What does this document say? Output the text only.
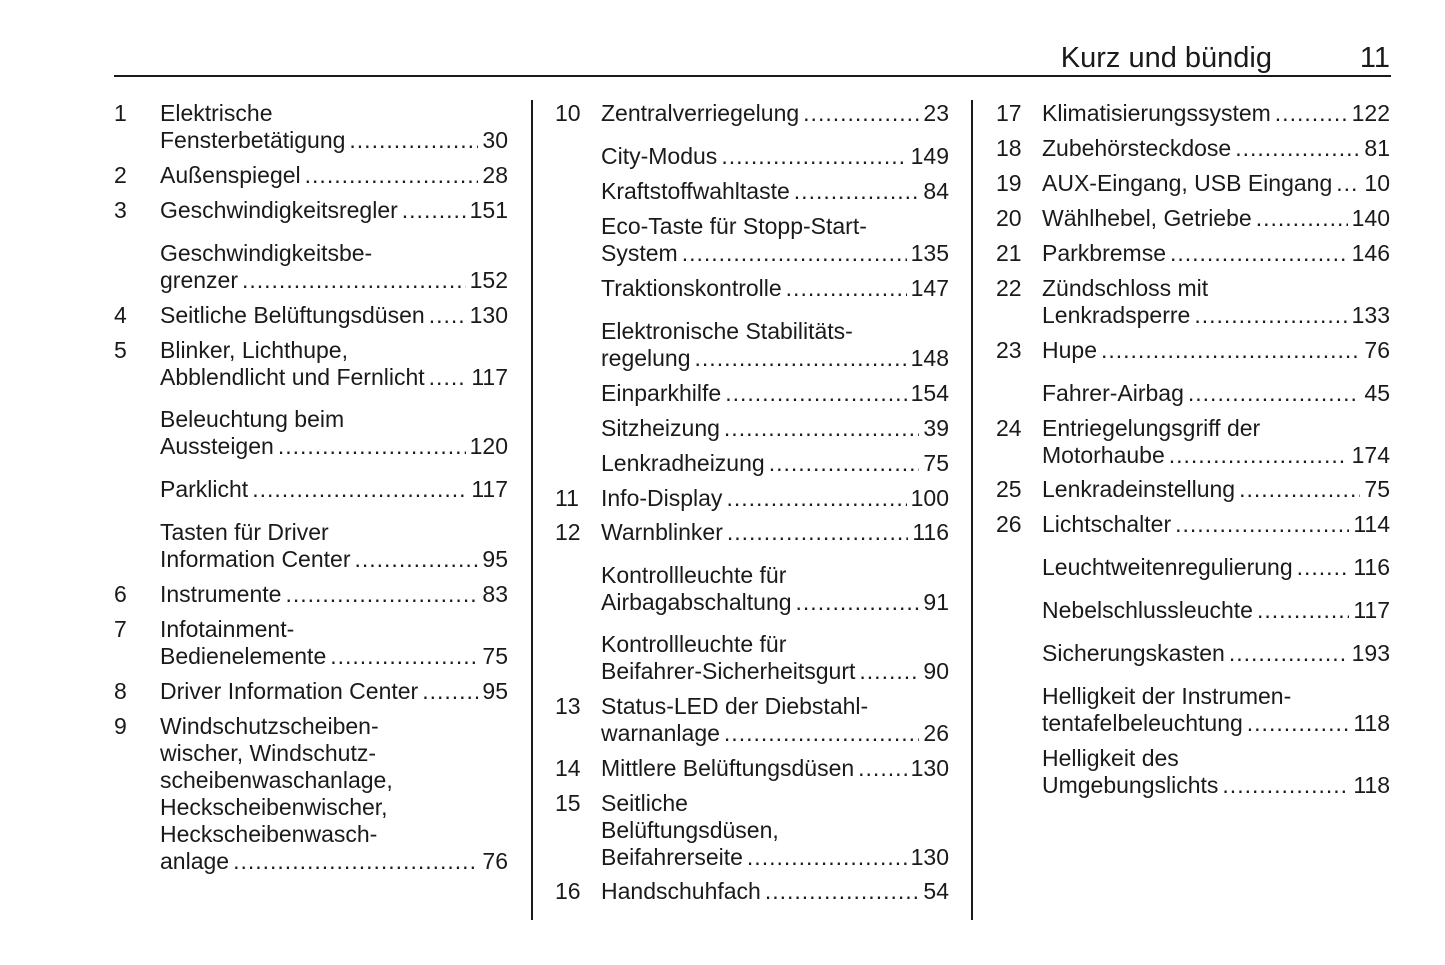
Kurz und bündig	11
1 Elektrische
Fensterbetätigung .....	30
2 Außenspiegel .....	28
3 Geschwindigkeitsregler .....	151
Geschwindigkeitsbe-
grenzer .....	152
4 Seitliche Belüftungsdüsen ..... 130
5 Blinker, Lichthupe,
Abblendlicht und Fernlicht ..... 117
Beleuchtung beim
Aussteigen .....	120
Parklicht .....	117
Tasten für Driver
Information Center .....	95
6 Instrumente .....	83
7 Infotainment-
Bedienelemente .....	75
8 Driver Information Center .....	95
9 Windschutzscheiben-
wischer, Windschutz-
scheibenwaschanlage,
Heckscheibenwischer,
Heckscheibenwasch-
anlage .....	76
10 Zentralverriegelung .....	23
City-Modus .....	149
Kraftstoffwahltaste .....	84
Eco-Taste für Stopp-Start-
System .....	135
Traktionskontrolle .....	147
Elektronische Stabilitäts-
regelung .....	148
Einparkhilfe .....	154
Sitzheizung .....	39
Lenkradheizung .....	75
11 Info-Display .....	100
12 Warnblinker .....	116
Kontrollleuchte für
Airbagabschaltung .....	91
Kontrollleuchte für
Beifahrer-Sicherheitsgurt .....	90
13 Status-LED der Diebstahl-
warnanlage .....	26
14 Mittlere Belüftungsdüsen ..... 130
15 Seitliche
Belüftungsdüsen,
Beifahrerseite .....	130
16 Handschuhfach .....	54
17 Klimatisierungssystem .....	122
18 Zubehörsteckdose .....	81
19 AUX-Eingang, USB Eingang ..... 10
20 Wählhebel, Getriebe .....	140
21 Parkbremse .....	146
22 Zündschloss mit
Lenkradsperre .....	133
23 Hupe .....	76
Fahrer-Airbag .....	45
24 Entriegelungsgriff der
Motorhaube .....	174
25 Lenkradeinstellung .....	75
26 Lichtschalter .....	114
Leuchtweitenregulierung .....	116
Nebelschlussleuchte .....	117
Sicherungskasten .....	193
Helligkeit der Instrumen-
tentafelbeleuchtung .....	118
Helligkeit des
Umgebungslichts .....	118
